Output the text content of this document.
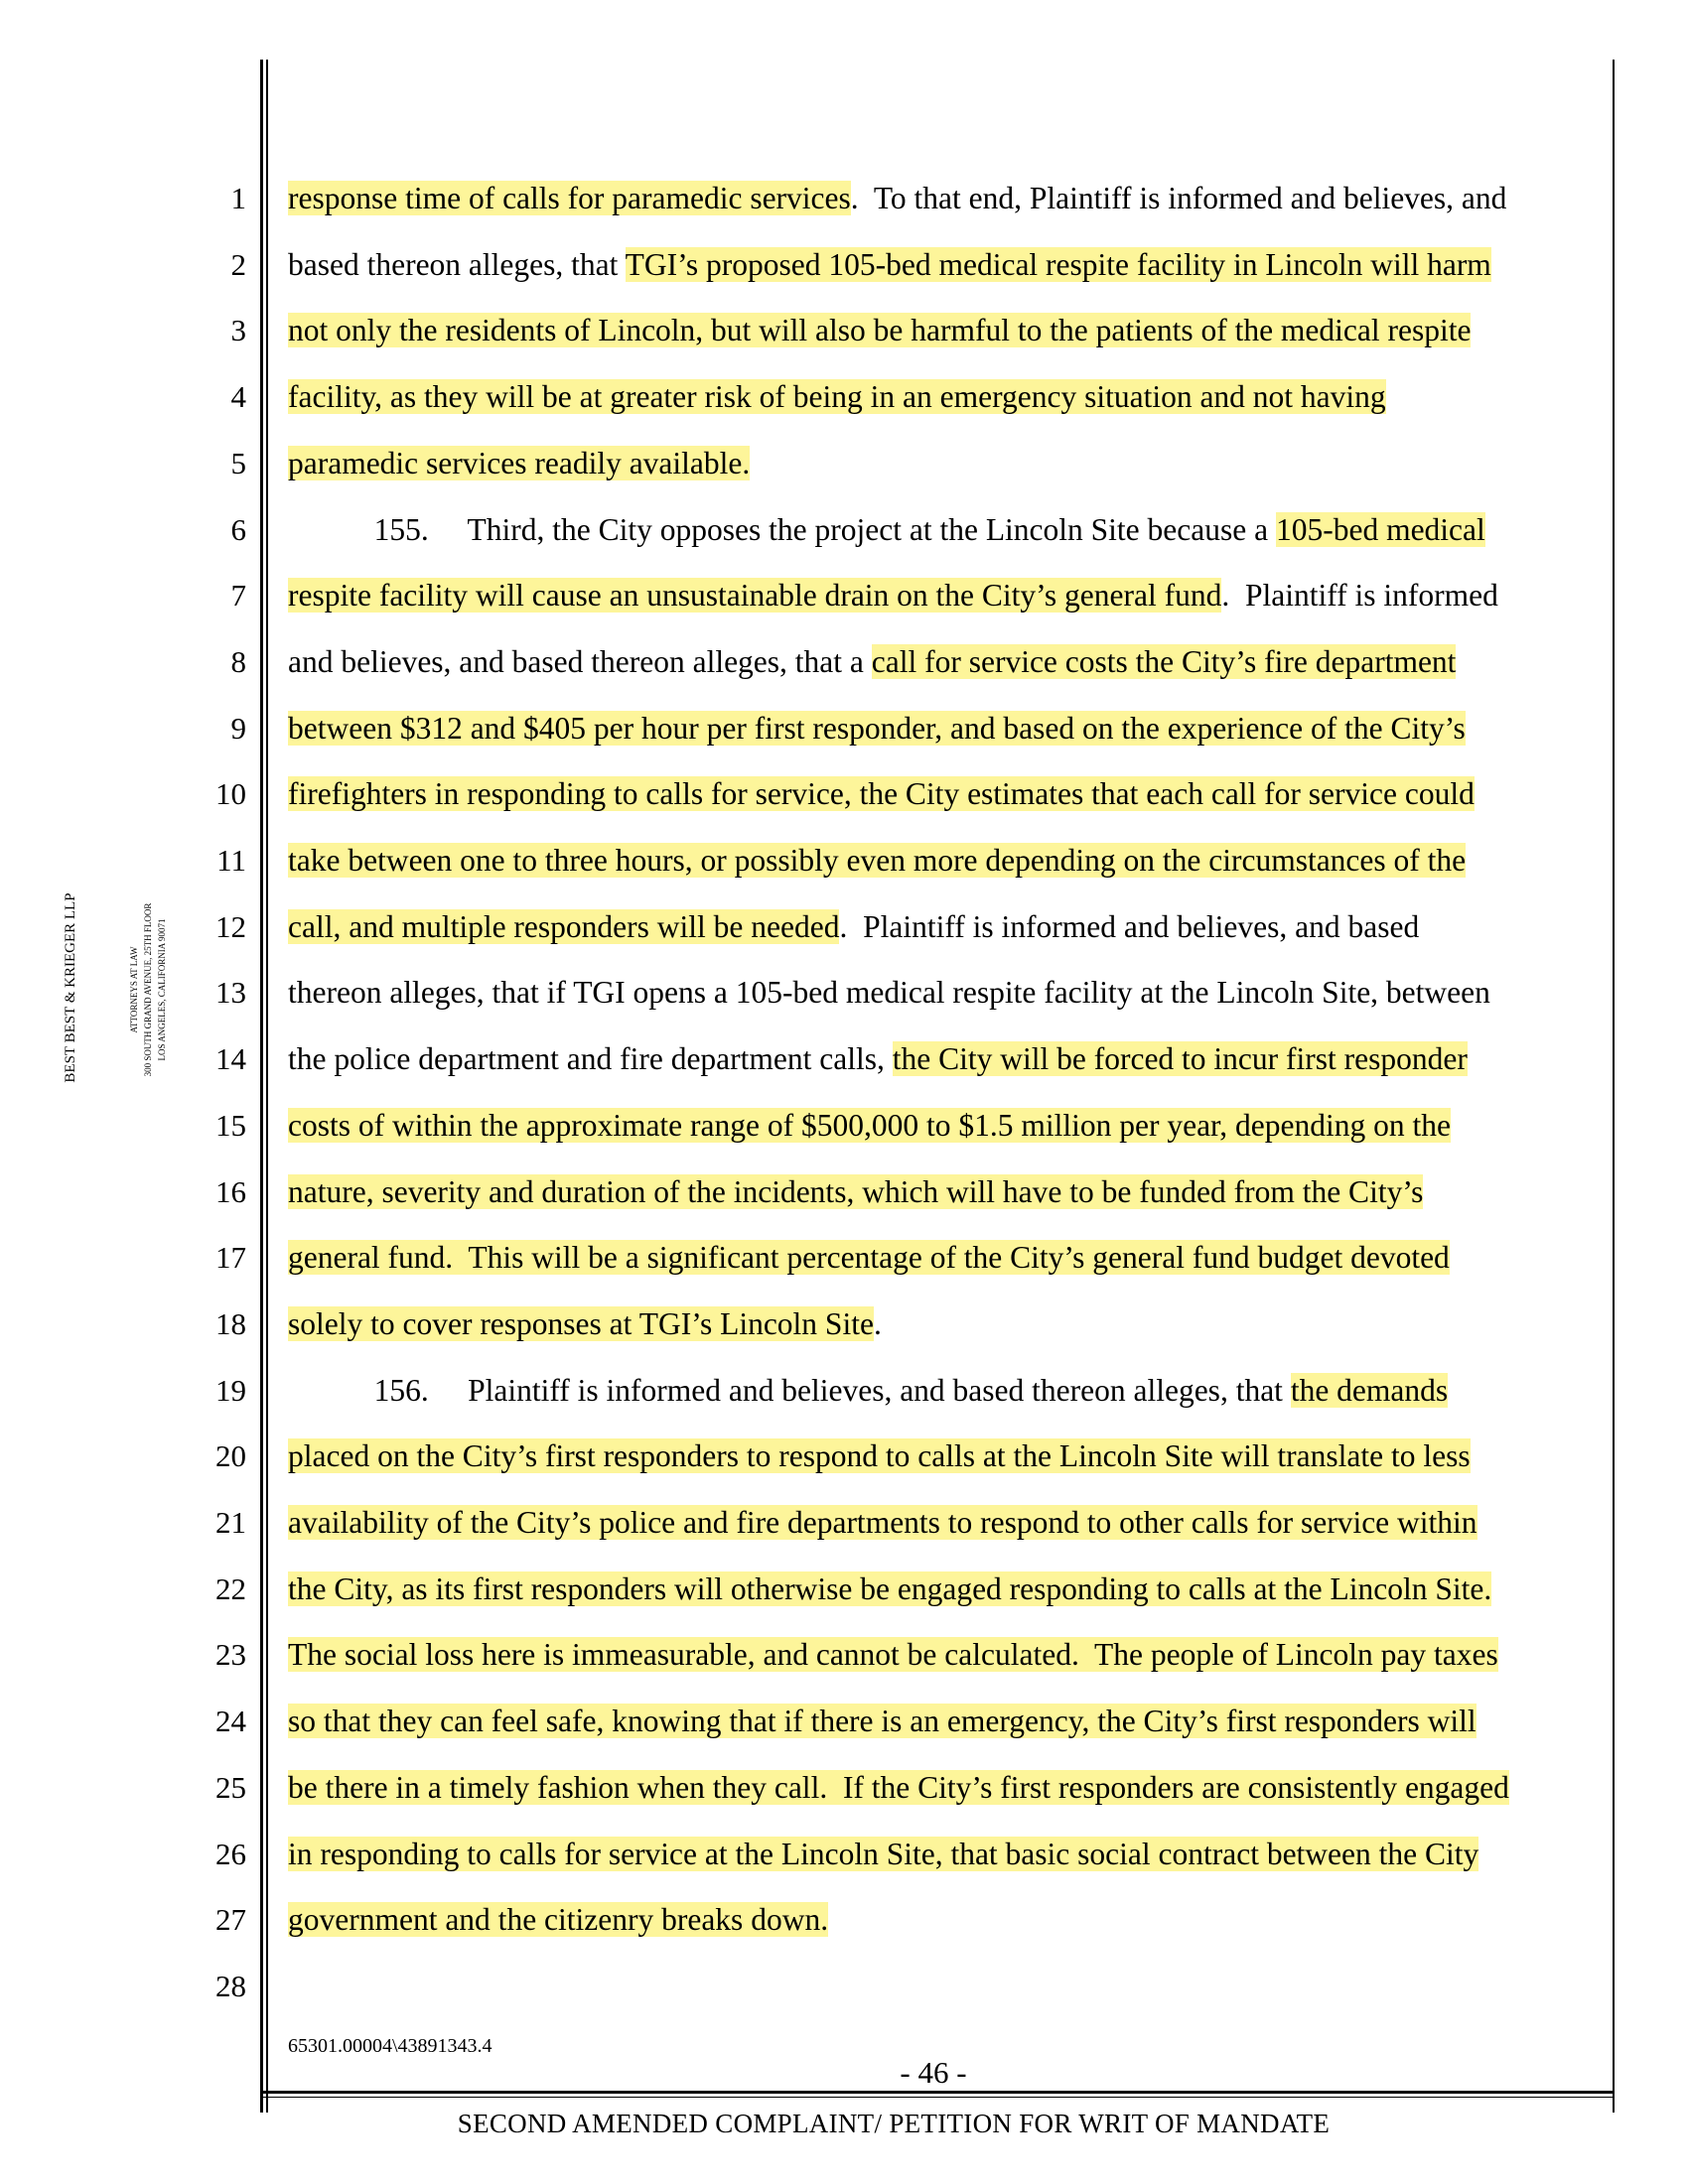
BEST BEST & KRIEGER LLP	ATTORNEYS AT LAW 300 SOUTH GRAND AVENUE, 25TH FLOOR LOS ANGELES, CALIFORNIA 90071
1
2
3
4
5
6
7
8
9
10
11
12
13
14
15
16
17
18
19
20
21
22
23
24
25
26
27
28
response time of calls for paramedic services.  To that end, Plaintiff is informed and believes, and
based thereon alleges, that TGI’s proposed 105-bed medical respite facility in Lincoln will harm
not only the residents of Lincoln, but will also be harmful to the patients of the medical respite
facility, as they will be at greater risk of being in an emergency situation and not having
paramedic services readily available.
155.     Third, the City opposes the project at the Lincoln Site because a 105-bed medical
respite facility will cause an unsustainable drain on the City’s general fund.  Plaintiff is informed
and believes, and based thereon alleges, that a call for service costs the City’s fire department
between $312 and $405 per hour per first responder, and based on the experience of the City’s
firefighters in responding to calls for service, the City estimates that each call for service could
take between one to three hours, or possibly even more depending on the circumstances of the
call, and multiple responders will be needed.  Plaintiff is informed and believes, and based
thereon alleges, that if TGI opens a 105-bed medical respite facility at the Lincoln Site, between
the police department and fire department calls, the City will be forced to incur first responder
costs of within the approximate range of $500,000 to $1.5 million per year, depending on the
nature, severity and duration of the incidents, which will have to be funded from the City’s
general fund.  This will be a significant percentage of the City’s general fund budget devoted
solely to cover responses at TGI’s Lincoln Site.
156.     Plaintiff is informed and believes, and based thereon alleges, that the demands
placed on the City’s first responders to respond to calls at the Lincoln Site will translate to less
availability of the City’s police and fire departments to respond to other calls for service within
the City, as its first responders will otherwise be engaged responding to calls at the Lincoln Site.
The social loss here is immeasurable, and cannot be calculated.  The people of Lincoln pay taxes
so that they can feel safe, knowing that if there is an emergency, the City’s first responders will
be there in a timely fashion when they call.  If the City’s first responders are consistently engaged
in responding to calls for service at the Lincoln Site, that basic social contract between the City
government and the citizenry breaks down.
65301.00004\43891343.4
- 46 -
SECOND AMENDED COMPLAINT/ PETITION FOR WRIT OF MANDATE
